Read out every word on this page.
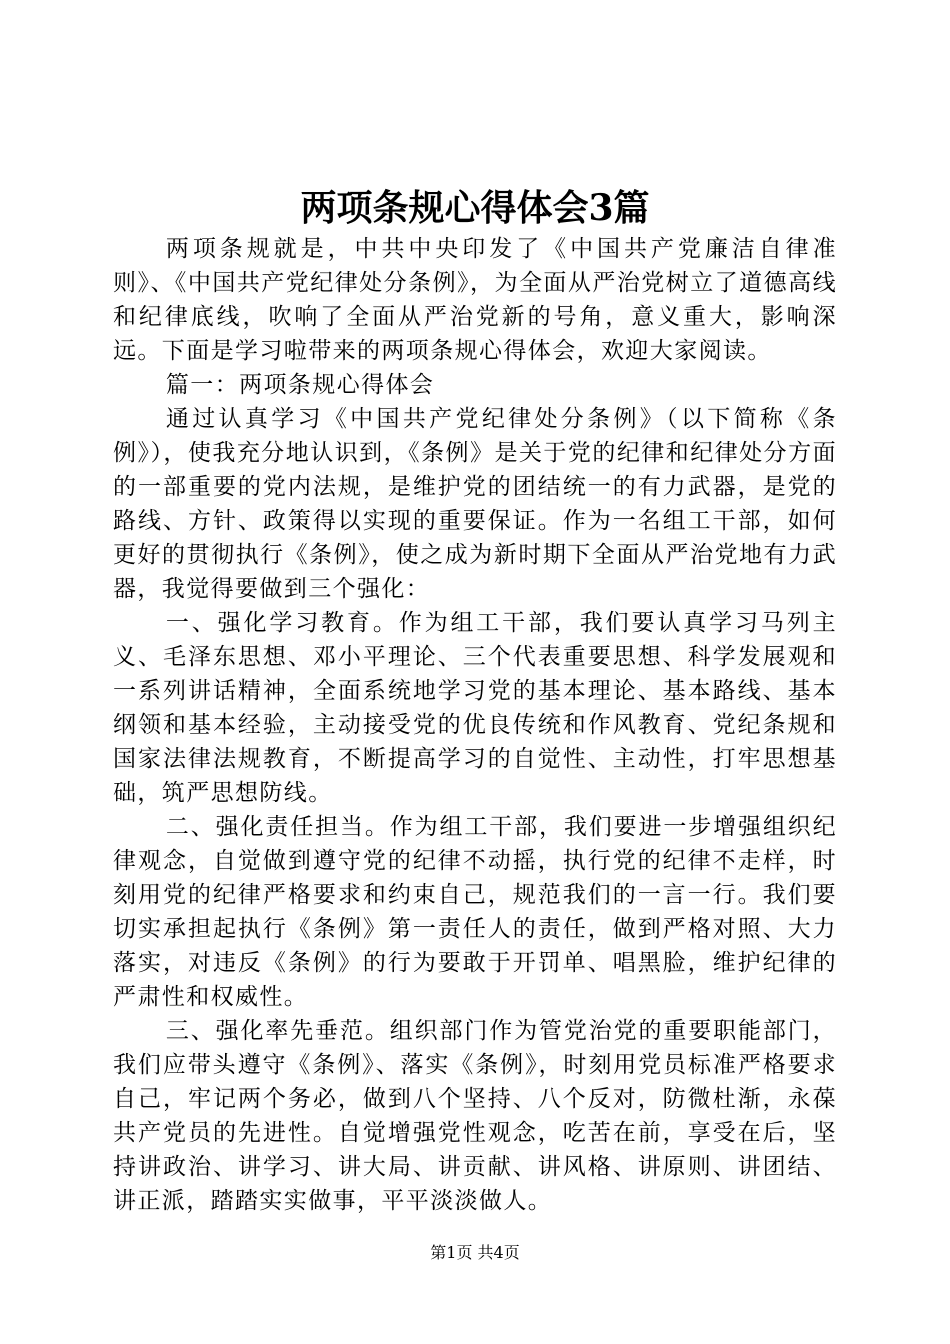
两项条规心得体会3篇

两项条规就是，中共中央印发了《中国共产党廉洁自律准则》、《中国共产党纪律处分条例》，为全面从严治党树立了道德高线和纪律底线，吹响了全面从严治党新的号角，意义重大，影响深远。下面是学习啦带来的两项条规心得体会，欢迎大家阅读。

篇一：两项条规心得体会

通过认真学习《中国共产党纪律处分条例》（以下简称《条例》），使我充分地认识到，《条例》是关于党的纪律和纪律处分方面的一部重要的党内法规，是维护党的团结统一的有力武器，是党的路线、方针、政策得以实现的重要保证。作为一名组工干部，如何更好的贯彻执行《条例》，使之成为新时期下全面从严治党地有力武器，我觉得要做到三个强化：

一、强化学习教育。作为组工干部，我们要认真学习马列主义、毛泽东思想、邓小平理论、三个代表重要思想、科学发展观和一系列讲话精神，全面系统地学习党的基本理论、基本路线、基本纲领和基本经验，主动接受党的优良传统和作风教育、党纪条规和国家法律法规教育，不断提高学习的自觉性、主动性，打牢思想基础，筑严思想防线。

二、强化责任担当。作为组工干部，我们要进一步增强组织纪律观念，自觉做到遵守党的纪律不动摇，执行党的纪律不走样，时刻用党的纪律严格要求和约束自己，规范我们的一言一行。我们要切实承担起执行《条例》第一责任人的责任，做到严格对照、大力落实，对违反《条例》的行为要敢于开罚单、唱黑脸，维护纪律的严肃性和权威性。

三、强化率先垂范。组织部门作为管党治党的重要职能部门，我们应带头遵守《条例》、落实《条例》，时刻用党员标准严格要求自己，牢记两个务必，做到八个坚持、八个反对，防微杜渐，永葆共产党员的先进性。自觉增强党性观念，吃苦在前，享受在后，坚持讲政治、讲学习、讲大局、讲贡献、讲风格、讲原则、讲团结、讲正派，踏踏实实做事，平平淡淡做人。

第1页 共4页
